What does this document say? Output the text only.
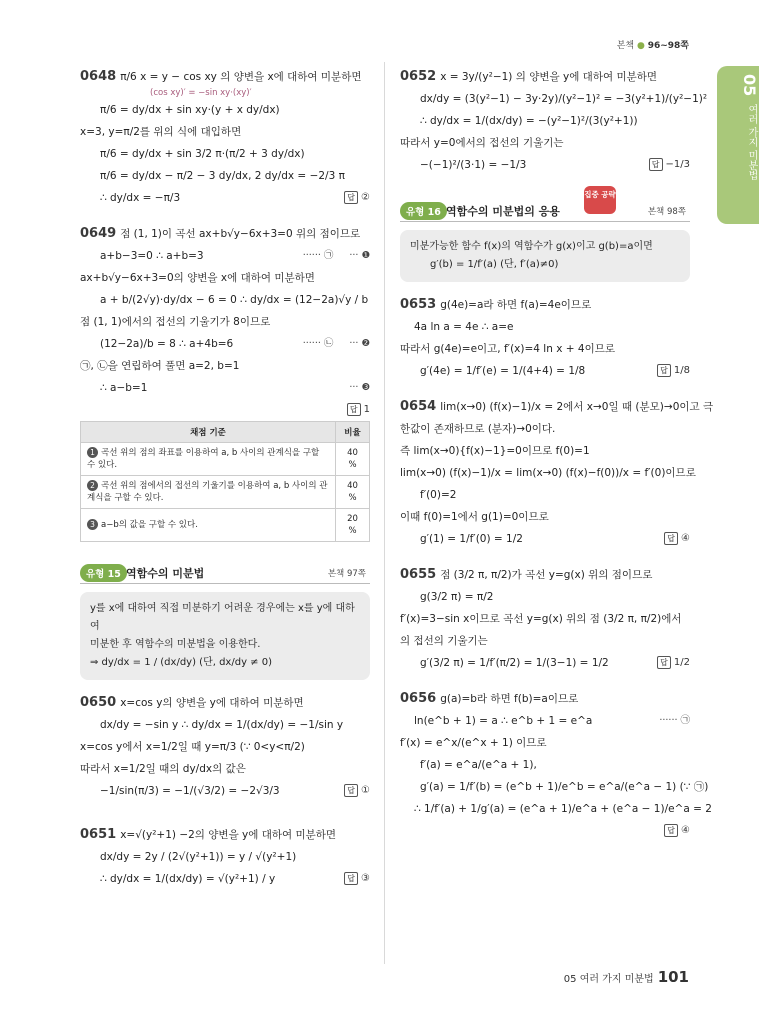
본책 ● 96~98쪽
05
여러 가지 미분법
0648 π/6 x = y − cos xy 의 양변을 x에 대하여 미분하면
(cos xy)′ = −sin xy·(xy)′
π/6 = dy/dx + sin xy·(y + x dy/dx)
x=3, y=π/2를 위의 식에 대입하면
π/6 = dy/dx + sin 3/2 π·(π/2 + 3 dy/dx)
π/6 = dy/dx − π/2 − 3 dy/dx, 2 dy/dx = −2/3 π
∴ dy/dx = −π/3	답 ②
0649 점 (1, 1)이 곡선 ax+b√y−6x+3=0 위의 점이므로
a+b−3=0 ∴ a+b=3	··· ❶
······ ㉠
ax+b√y−6x+3=0의 양변을 x에 대하여 미분하면
a + b/(2√y)·dy/dx − 6 = 0 ∴ dy/dx = (12−2a)√y / b
점 (1, 1)에서의 접선의 기울기가 8이므로
(12−2a)/b = 8 ∴ a+4b=6	··· ❷
······ ㉡
㉠, ㉡을 연립하여 풀면 a=2, b=1
∴ a−b=1	··· ❸
답 1
채점 기준	비율
1 곡선 위의 점의 좌표를 이용하여 a, b 사이의 관계식을 구할 수 있다.	40 %
2 곡선 위의 점에서의 접선의 기울기를 이용하여 a, b 사이의 관계식을 구할 수 있다.	40 %
3 a−b의 값을 구할 수 있다.	20 %
유형 15 역함수의 미분법	본책 97쪽
y를 x에 대하여 직접 미분하기 어려운 경우에는 x를 y에 대하여
미분한 후 역함수의 미분법을 이용한다.
⇒ dy/dx = 1 / (dx/dy) (단, dx/dy ≠ 0)
0650 x=cos y의 양변을 y에 대하여 미분하면
dx/dy = −sin y ∴ dy/dx = 1/(dx/dy) = −1/sin y
x=cos y에서 x=1/2일 때 y=π/3 (∵ 0<y<π/2)
따라서 x=1/2일 때의 dy/dx의 값은
−1/sin(π/3) = −1/(√3/2) = −2√3/3	답 ①
0651 x=√(y²+1) −2의 양변을 y에 대하여 미분하면
dx/dy = 2y / (2√(y²+1)) = y / √(y²+1)
∴ dy/dx = 1/(dx/dy) = √(y²+1) / y	답 ③
0652 x = 3y/(y²−1) 의 양변을 y에 대하여 미분하면
dx/dy = (3(y²−1) − 3y·2y)/(y²−1)² = −3(y²+1)/(y²−1)²
∴ dy/dx = 1/(dx/dy) = −(y²−1)²/(3(y²+1))
따라서 y=0에서의 접선의 기울기는
−(−1)²/(3·1) = −1/3	답 −1/3
유형 16 역함수의 미분법의 응용
집중 공략
본책 98쪽
미분가능한 함수 f(x)의 역함수가 g(x)이고 g(b)=a이면
g′(b) = 1/f′(a) (단, f′(a)≠0)
0653 g(4e)=a라 하면 f(a)=4e이므로
4a ln a = 4e ∴ a=e
따라서 g(4e)=e이고, f′(x)=4 ln x + 4이므로
g′(4e) = 1/f′(e) = 1/(4+4) = 1/8	답 1/8
0654 lim(x→0) (f(x)−1)/x = 2에서 x→0일 때 (분모)→0이고 극
한값이 존재하므로 (분자)→0이다.
즉 lim(x→0){f(x)−1}=0이므로 f(0)=1
lim(x→0) (f(x)−1)/x = lim(x→0) (f(x)−f(0))/x = f′(0)이므로
f′(0)=2
이때 f(0)=1에서 g(1)=0이므로
g′(1) = 1/f′(0) = 1/2	답 ④
0655 점 (3/2 π, π/2)가 곡선 y=g(x) 위의 점이므로
g(3/2 π) = π/2
f′(x)=3−sin x이므로 곡선 y=g(x) 위의 점 (3/2 π, π/2)에서
의 접선의 기울기는
g′(3/2 π) = 1/f′(π/2) = 1/(3−1) = 1/2	답 1/2
0656 g(a)=b라 하면 f(b)=a이므로
ln(e^b + 1) = a ∴ e^b + 1 = e^a	······ ㉠
f′(x) = e^x/(e^x + 1) 이므로
f′(a) = e^a/(e^a + 1),
g′(a) = 1/f′(b) = (e^b + 1)/e^b = e^a/(e^a − 1) (∵ ㉠)
∴ 1/f′(a) + 1/g′(a) = (e^a + 1)/e^a + (e^a − 1)/e^a = 2
답 ④
05 여러 가지 미분법 101
